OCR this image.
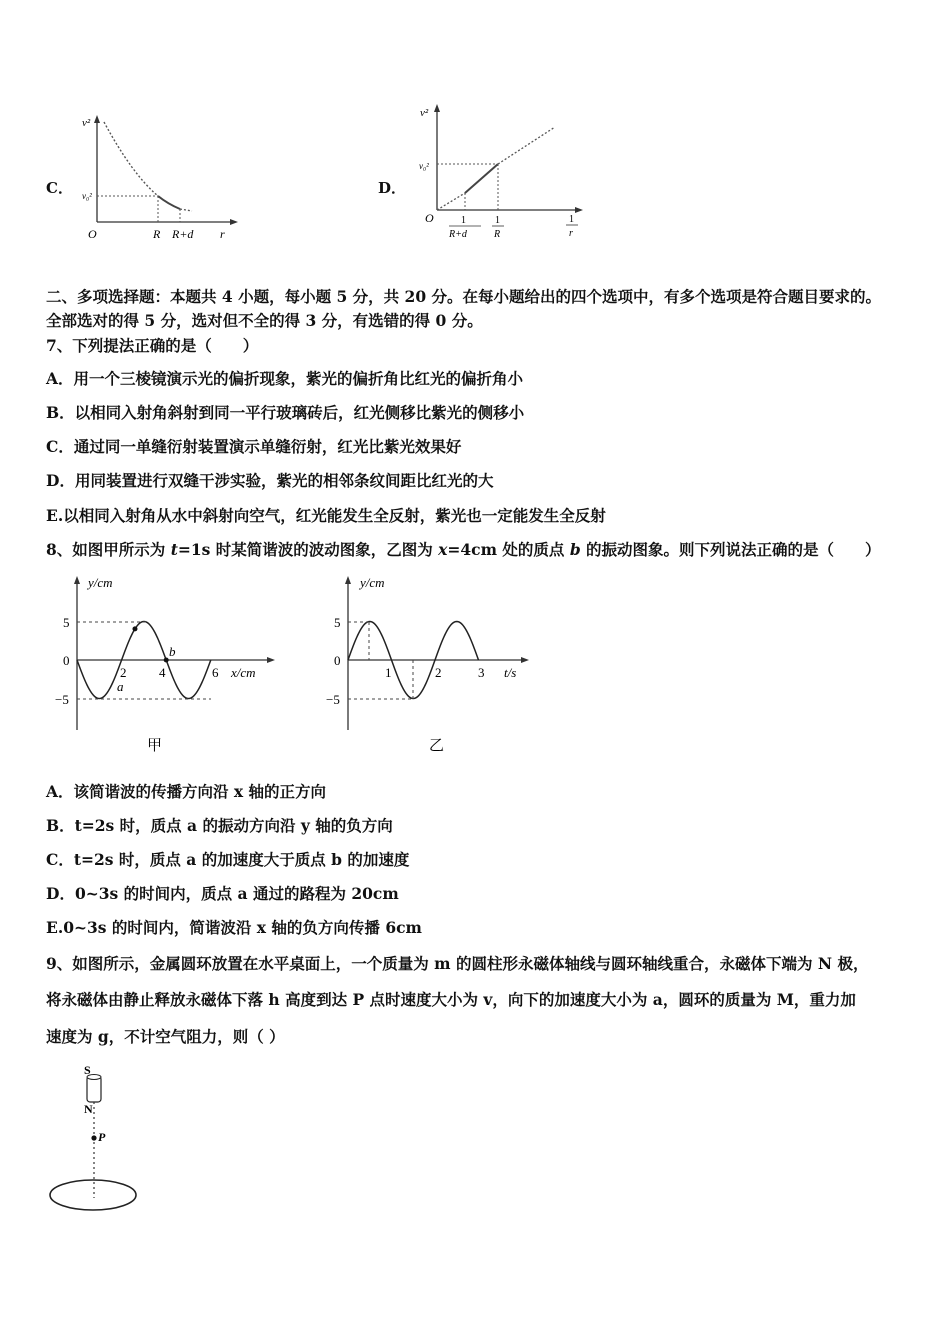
C．
v²
v₀²
O	R R+d r
D．
v²
v₀²
O	1
R+d
1
R
1
r
二、多项选择题：本题共 4 小题，每小题 5 分，共 20 分。在每小题给出的四个选项中，有多个选项是符合题目要求的。
全部选对的得 5 分，选对但不全的得 3 分，有选错的得 0 分。
7、下列提法正确的是（　　）
A．用一个三棱镜演示光的偏折现象，紫光的偏折角比红光的偏折角小
B．以相同入射角斜射到同一平行玻璃砖后，红光侧移比紫光的侧移小
C．通过同一单缝衍射装置演示单缝衍射，红光比紫光效果好
D．用同装置进行双缝干涉实验，紫光的相邻条纹间距比红光的大
E.以相同入射角从水中斜射向空气，红光能发生全反射，紫光也一定能发生全反射
8、如图甲所示为 t=1s 时某简谐波的波动图象，乙图为 x=4cm 处的质点 b 的振动图象。则下列说法正确的是（　　）
y/cm
x/cm
5
0
−5
2	4	6
a
b
甲
y/cm
t/s
5
0
−5
1	2	3
乙
A．该简谐波的传播方向沿 x 轴的正方向
B．t=2s 时，质点 a 的振动方向沿 y 轴的负方向
C．t=2s 时，质点 a 的加速度大于质点 b 的加速度
D．0~3s 的时间内，质点 a 通过的路程为 20cm
E.0~3s 的时间内，简谐波沿 x 轴的负方向传播 6cm
9、如图所示，金属圆环放置在水平桌面上，一个质量为 m 的圆柱形永磁体轴线与圆环轴线重合，永磁体下端为 N 极，
将永磁体由静止释放永磁体下落 h 高度到达 P 点时速度大小为 v，向下的加速度大小为 a，圆环的质量为 M，重力加
速度为 g，不计空气阻力，则（ ）
S
N
P
